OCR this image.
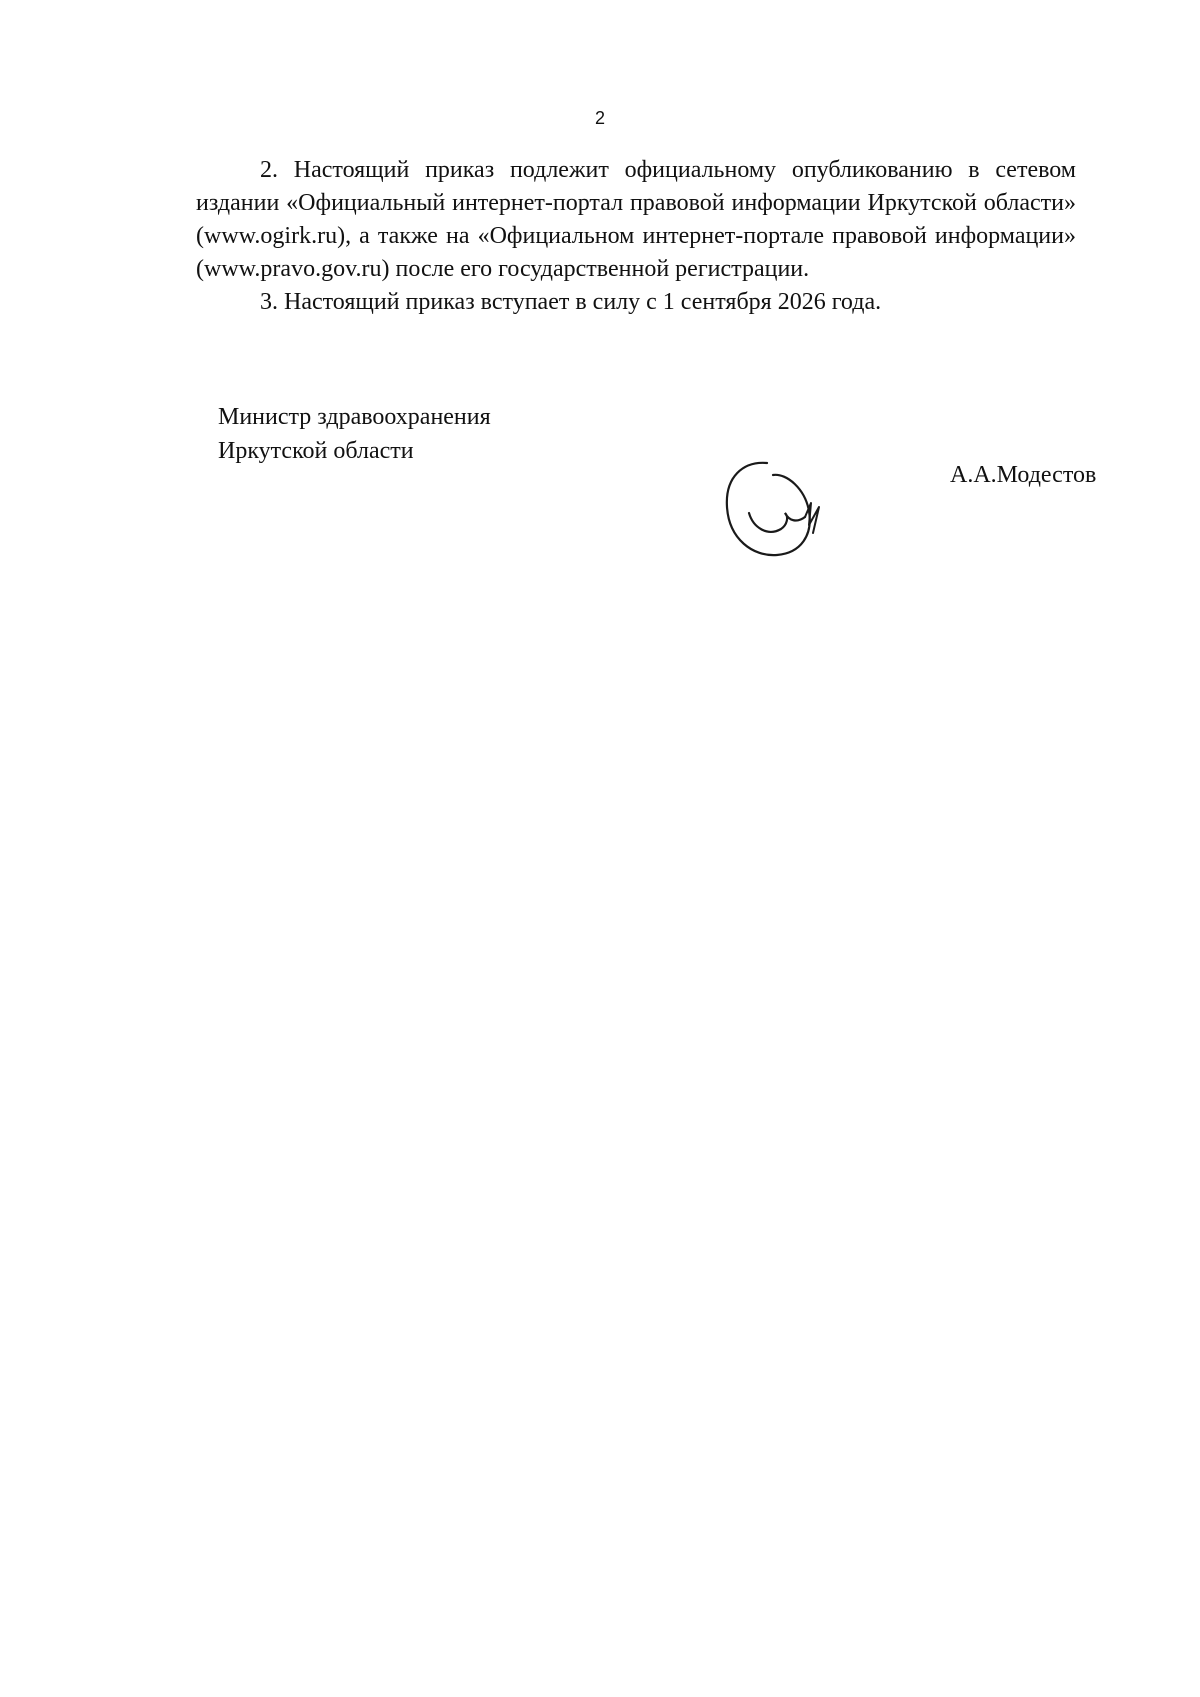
2

2. Настоящий приказ подлежит официальному опубликованию в сетевом издании «Официальный интернет-портал правовой информации Иркутской области» (www.ogirk.ru), а также на «Официальном интернет-портале правовой информации» (www.pravo.gov.ru) после его государственной регистрации.

3. Настоящий приказ вступает в силу с 1 сентября 2026 года.

Министр здравоохранения
Иркутской области
А.А.Модестов
